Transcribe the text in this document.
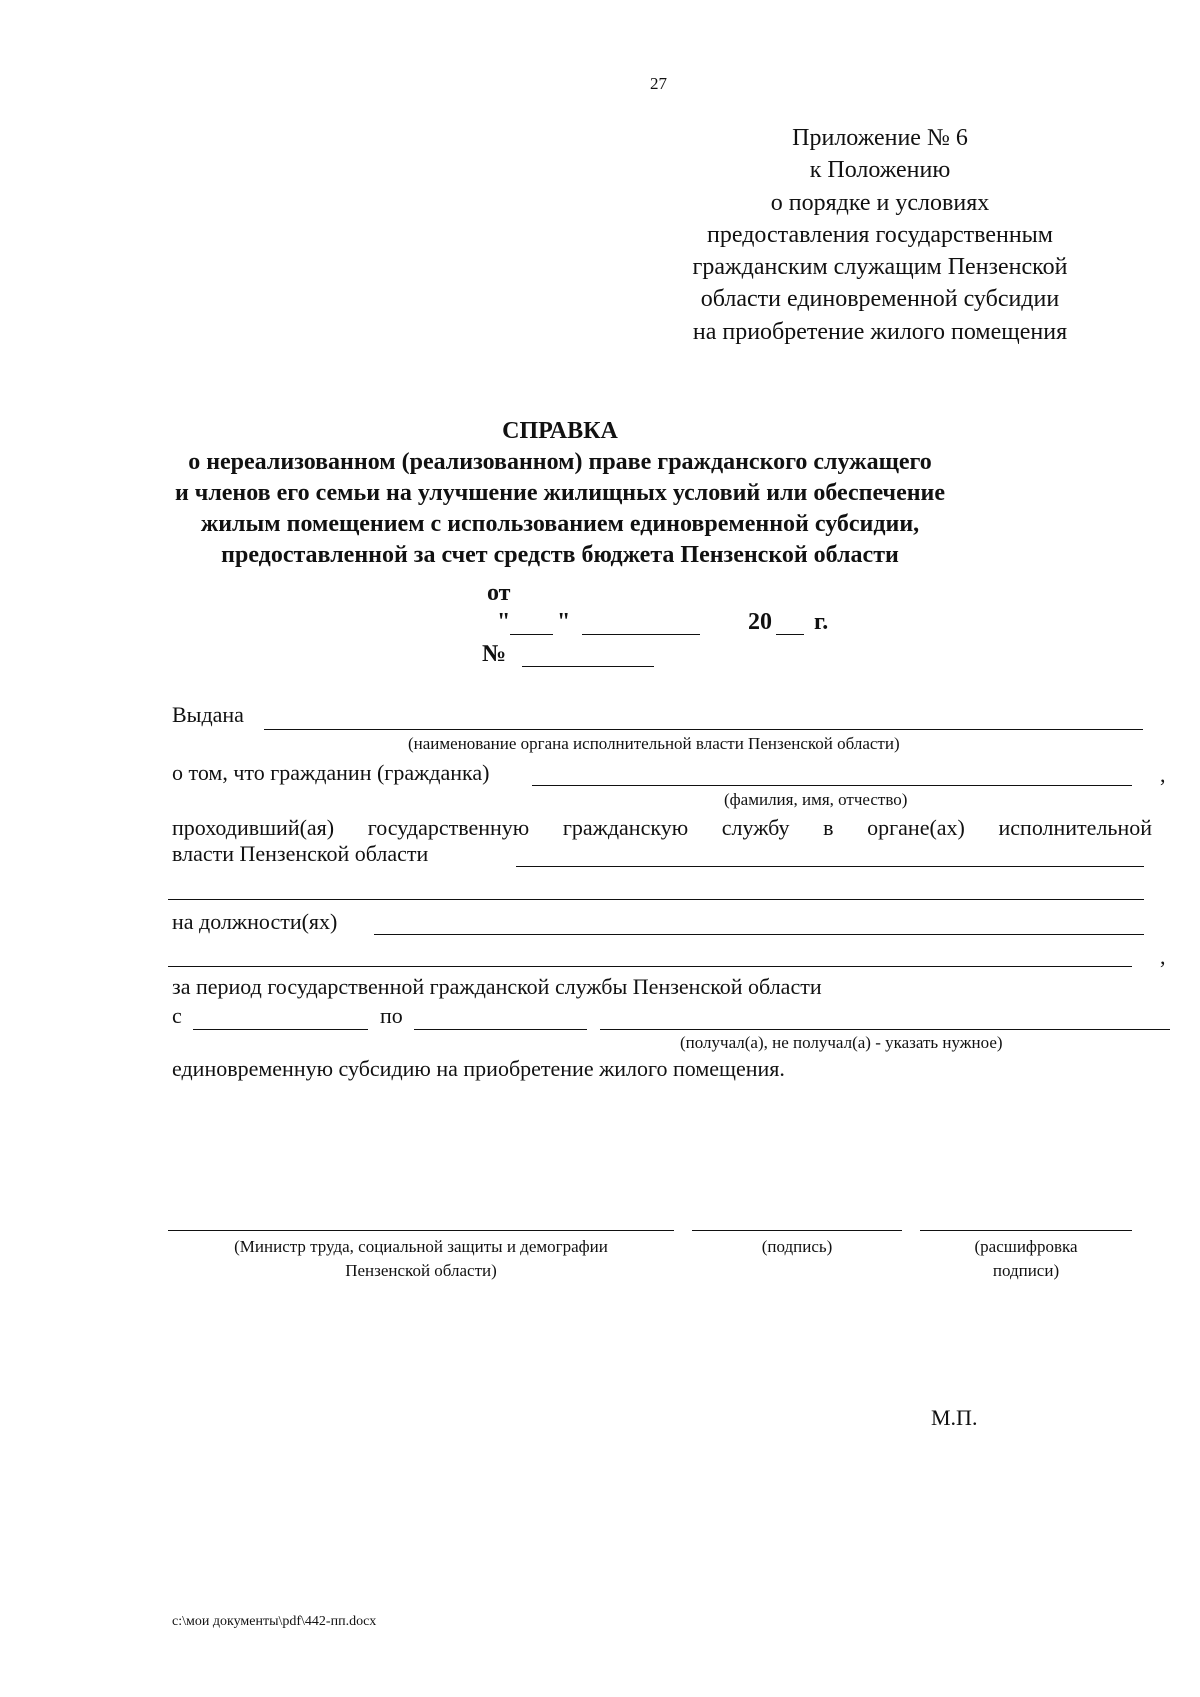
27
Приложение № 6
к Положению
о порядке и условиях
предоставления государственным
гражданским служащим Пензенской
области единовременной субсидии
на приобретение жилого помещения
СПРАВКА
о нереализованном (реализованном) праве гражданского служащего
и членов его семьи на улучшение жилищных условий или обеспечение
жилым помещением с использованием единовременной субсидии,
предоставленной за счет средств бюджета Пензенской области
от
" "	20 г.
№
Выдана
(наименование органа исполнительной власти Пензенской области)
о том, что гражданин (гражданка)	,
(фамилия, имя, отчество)
проходивший(ая) государственную гражданскую службу в органе(ах) исполнительной
власти Пензенской области
на должности(ях)
,
за период государственной гражданской службы Пензенской области
с	по
(получал(а), не получал(а) - указать нужное)
единовременную субсидию на приобретение жилого помещения.
(Министр труда, социальной защиты и демографии
Пензенской области)
(подпись)	(расшифровка
подписи)
М.П.
c:\мои документы\pdf\442-пп.docx
